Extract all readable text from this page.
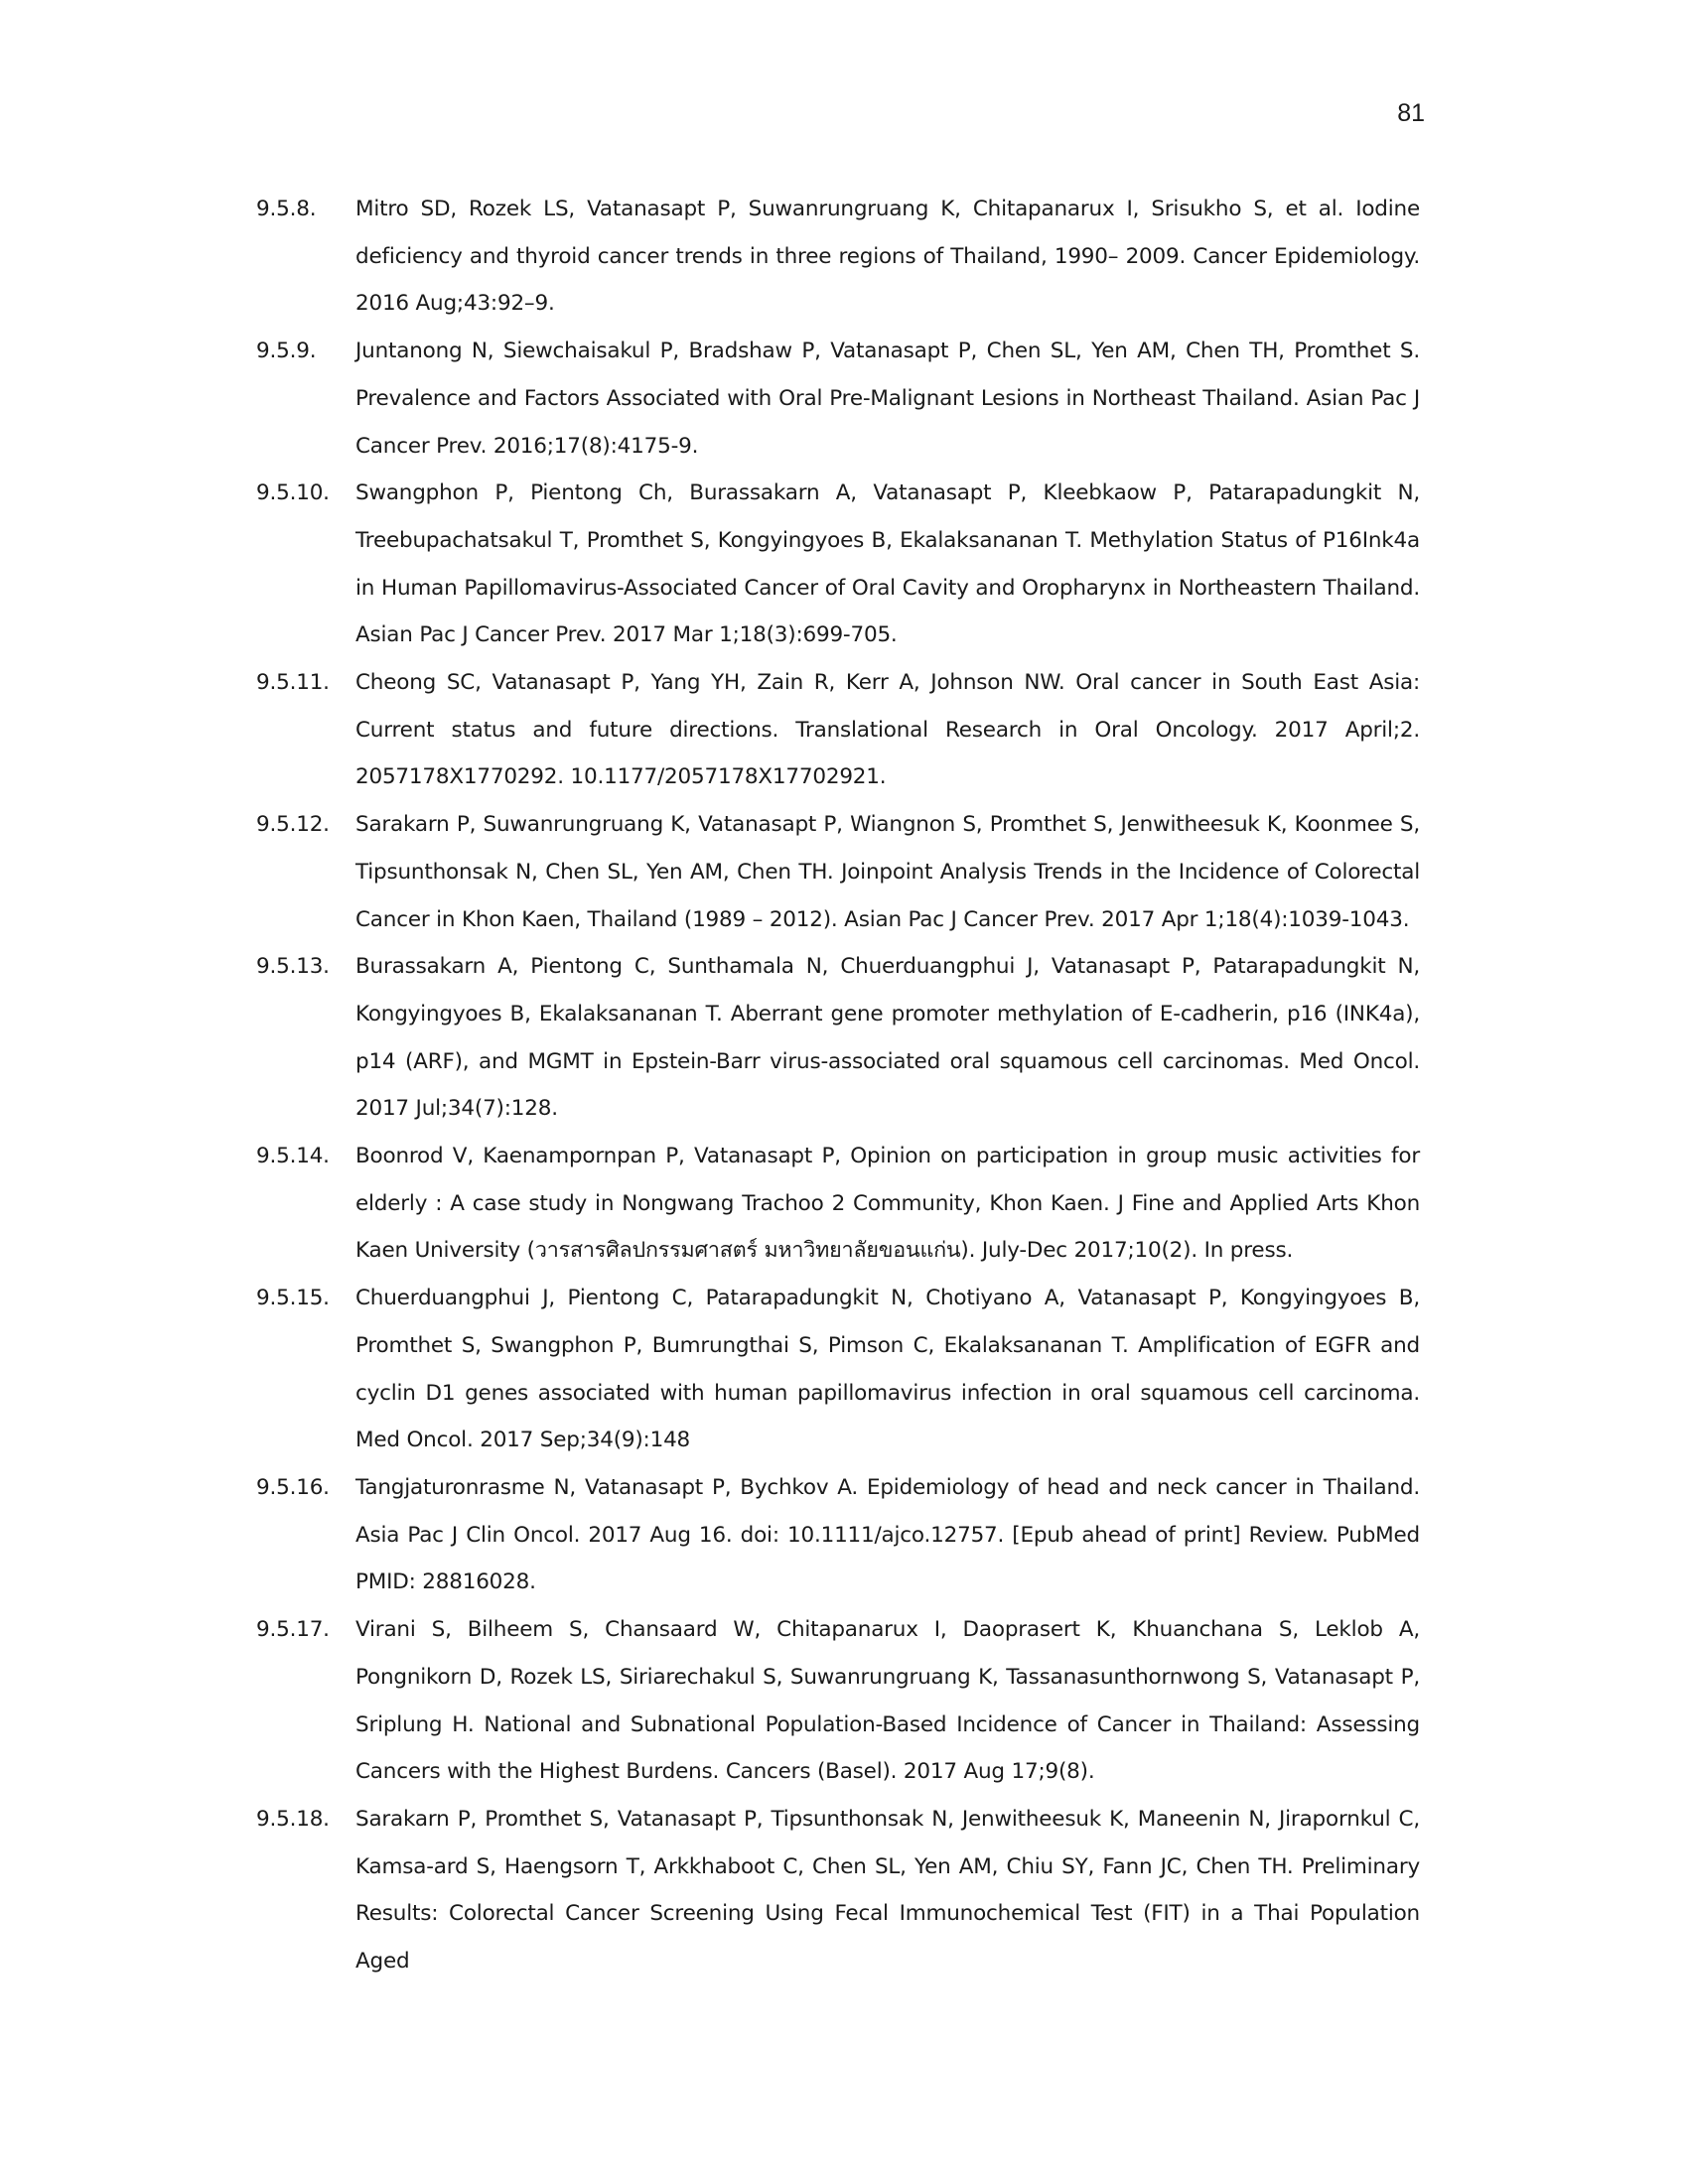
81
9.5.8. Mitro SD, Rozek LS, Vatanasapt P, Suwanrungruang K, Chitapanarux I, Srisukho S, et al. Iodine deficiency and thyroid cancer trends in three regions of Thailand, 1990– 2009. Cancer Epidemiology. 2016 Aug;43:92–9.
9.5.9. Juntanong N, Siewchaisakul P, Bradshaw P, Vatanasapt P, Chen SL, Yen AM, Chen TH, Promthet S. Prevalence and Factors Associated with Oral Pre-Malignant Lesions in Northeast Thailand. Asian Pac J Cancer Prev. 2016;17(8):4175-9.
9.5.10. Swangphon P, Pientong Ch, Burassakarn A, Vatanasapt P, Kleebkaow P, Patarapadungkit N, Treebupachatsakul T, Promthet S, Kongyingyoes B, Ekalaksananan T. Methylation Status of P16Ink4a in Human Papillomavirus-Associated Cancer of Oral Cavity and Oropharynx in Northeastern Thailand. Asian Pac J Cancer Prev. 2017 Mar 1;18(3):699-705.
9.5.11. Cheong SC, Vatanasapt P, Yang YH, Zain R, Kerr A, Johnson NW. Oral cancer in South East Asia: Current status and future directions. Translational Research in Oral Oncology. 2017 April;2. 2057178X1770292. 10.1177/2057178X17702921.
9.5.12. Sarakarn P, Suwanrungruang K, Vatanasapt P, Wiangnon S, Promthet S, Jenwitheesuk K, Koonmee S, Tipsunthonsak N, Chen SL, Yen AM, Chen TH. Joinpoint Analysis Trends in the Incidence of Colorectal Cancer in Khon Kaen, Thailand (1989 – 2012). Asian Pac J Cancer Prev. 2017 Apr 1;18(4):1039-1043.
9.5.13. Burassakarn A, Pientong C, Sunthamala N, Chuerduangphui J, Vatanasapt P, Patarapadungkit N, Kongyingyoes B, Ekalaksananan T. Aberrant gene promoter methylation of E-cadherin, p16 (INK4a), p14 (ARF), and MGMT in Epstein-Barr virus-associated oral squamous cell carcinomas. Med Oncol. 2017 Jul;34(7):128.
9.5.14. Boonrod V, Kaenampornpan P, Vatanasapt P, Opinion on participation in group music activities for elderly : A case study in Nongwang Trachoo 2 Community, Khon Kaen. J Fine and Applied Arts Khon Kaen University (วารสารศิลปกรรมศาสตร์ มหาวิทยาลัยขอนแก่น). July-Dec 2017;10(2). In press.
9.5.15. Chuerduangphui J, Pientong C, Patarapadungkit N, Chotiyano A, Vatanasapt P, Kongyingyoes B, Promthet S, Swangphon P, Bumrungthai S, Pimson C, Ekalaksananan T. Amplification of EGFR and cyclin D1 genes associated with human papillomavirus infection in oral squamous cell carcinoma. Med Oncol. 2017 Sep;34(9):148
9.5.16. Tangjaturonrasme N, Vatanasapt P, Bychkov A. Epidemiology of head and neck cancer in Thailand. Asia Pac J Clin Oncol. 2017 Aug 16. doi: 10.1111/ajco.12757. [Epub ahead of print] Review. PubMed PMID: 28816028.
9.5.17. Virani S, Bilheem S, Chansaard W, Chitapanarux I, Daoprasert K, Khuanchana S, Leklob A, Pongnikorn D, Rozek LS, Siriarechakul S, Suwanrungruang K, Tassanasunthornwong S, Vatanasapt P, Sriplung H. National and Subnational Population-Based Incidence of Cancer in Thailand: Assessing Cancers with the Highest Burdens. Cancers (Basel). 2017 Aug 17;9(8).
9.5.18. Sarakarn P, Promthet S, Vatanasapt P, Tipsunthonsak N, Jenwitheesuk K, Maneenin N, Jirapornkul C, Kamsa-ard S, Haengsorn T, Arkkhaboot C, Chen SL, Yen AM, Chiu SY, Fann JC, Chen TH. Preliminary Results: Colorectal Cancer Screening Using Fecal Immunochemical Test (FIT) in a Thai Population Aged
